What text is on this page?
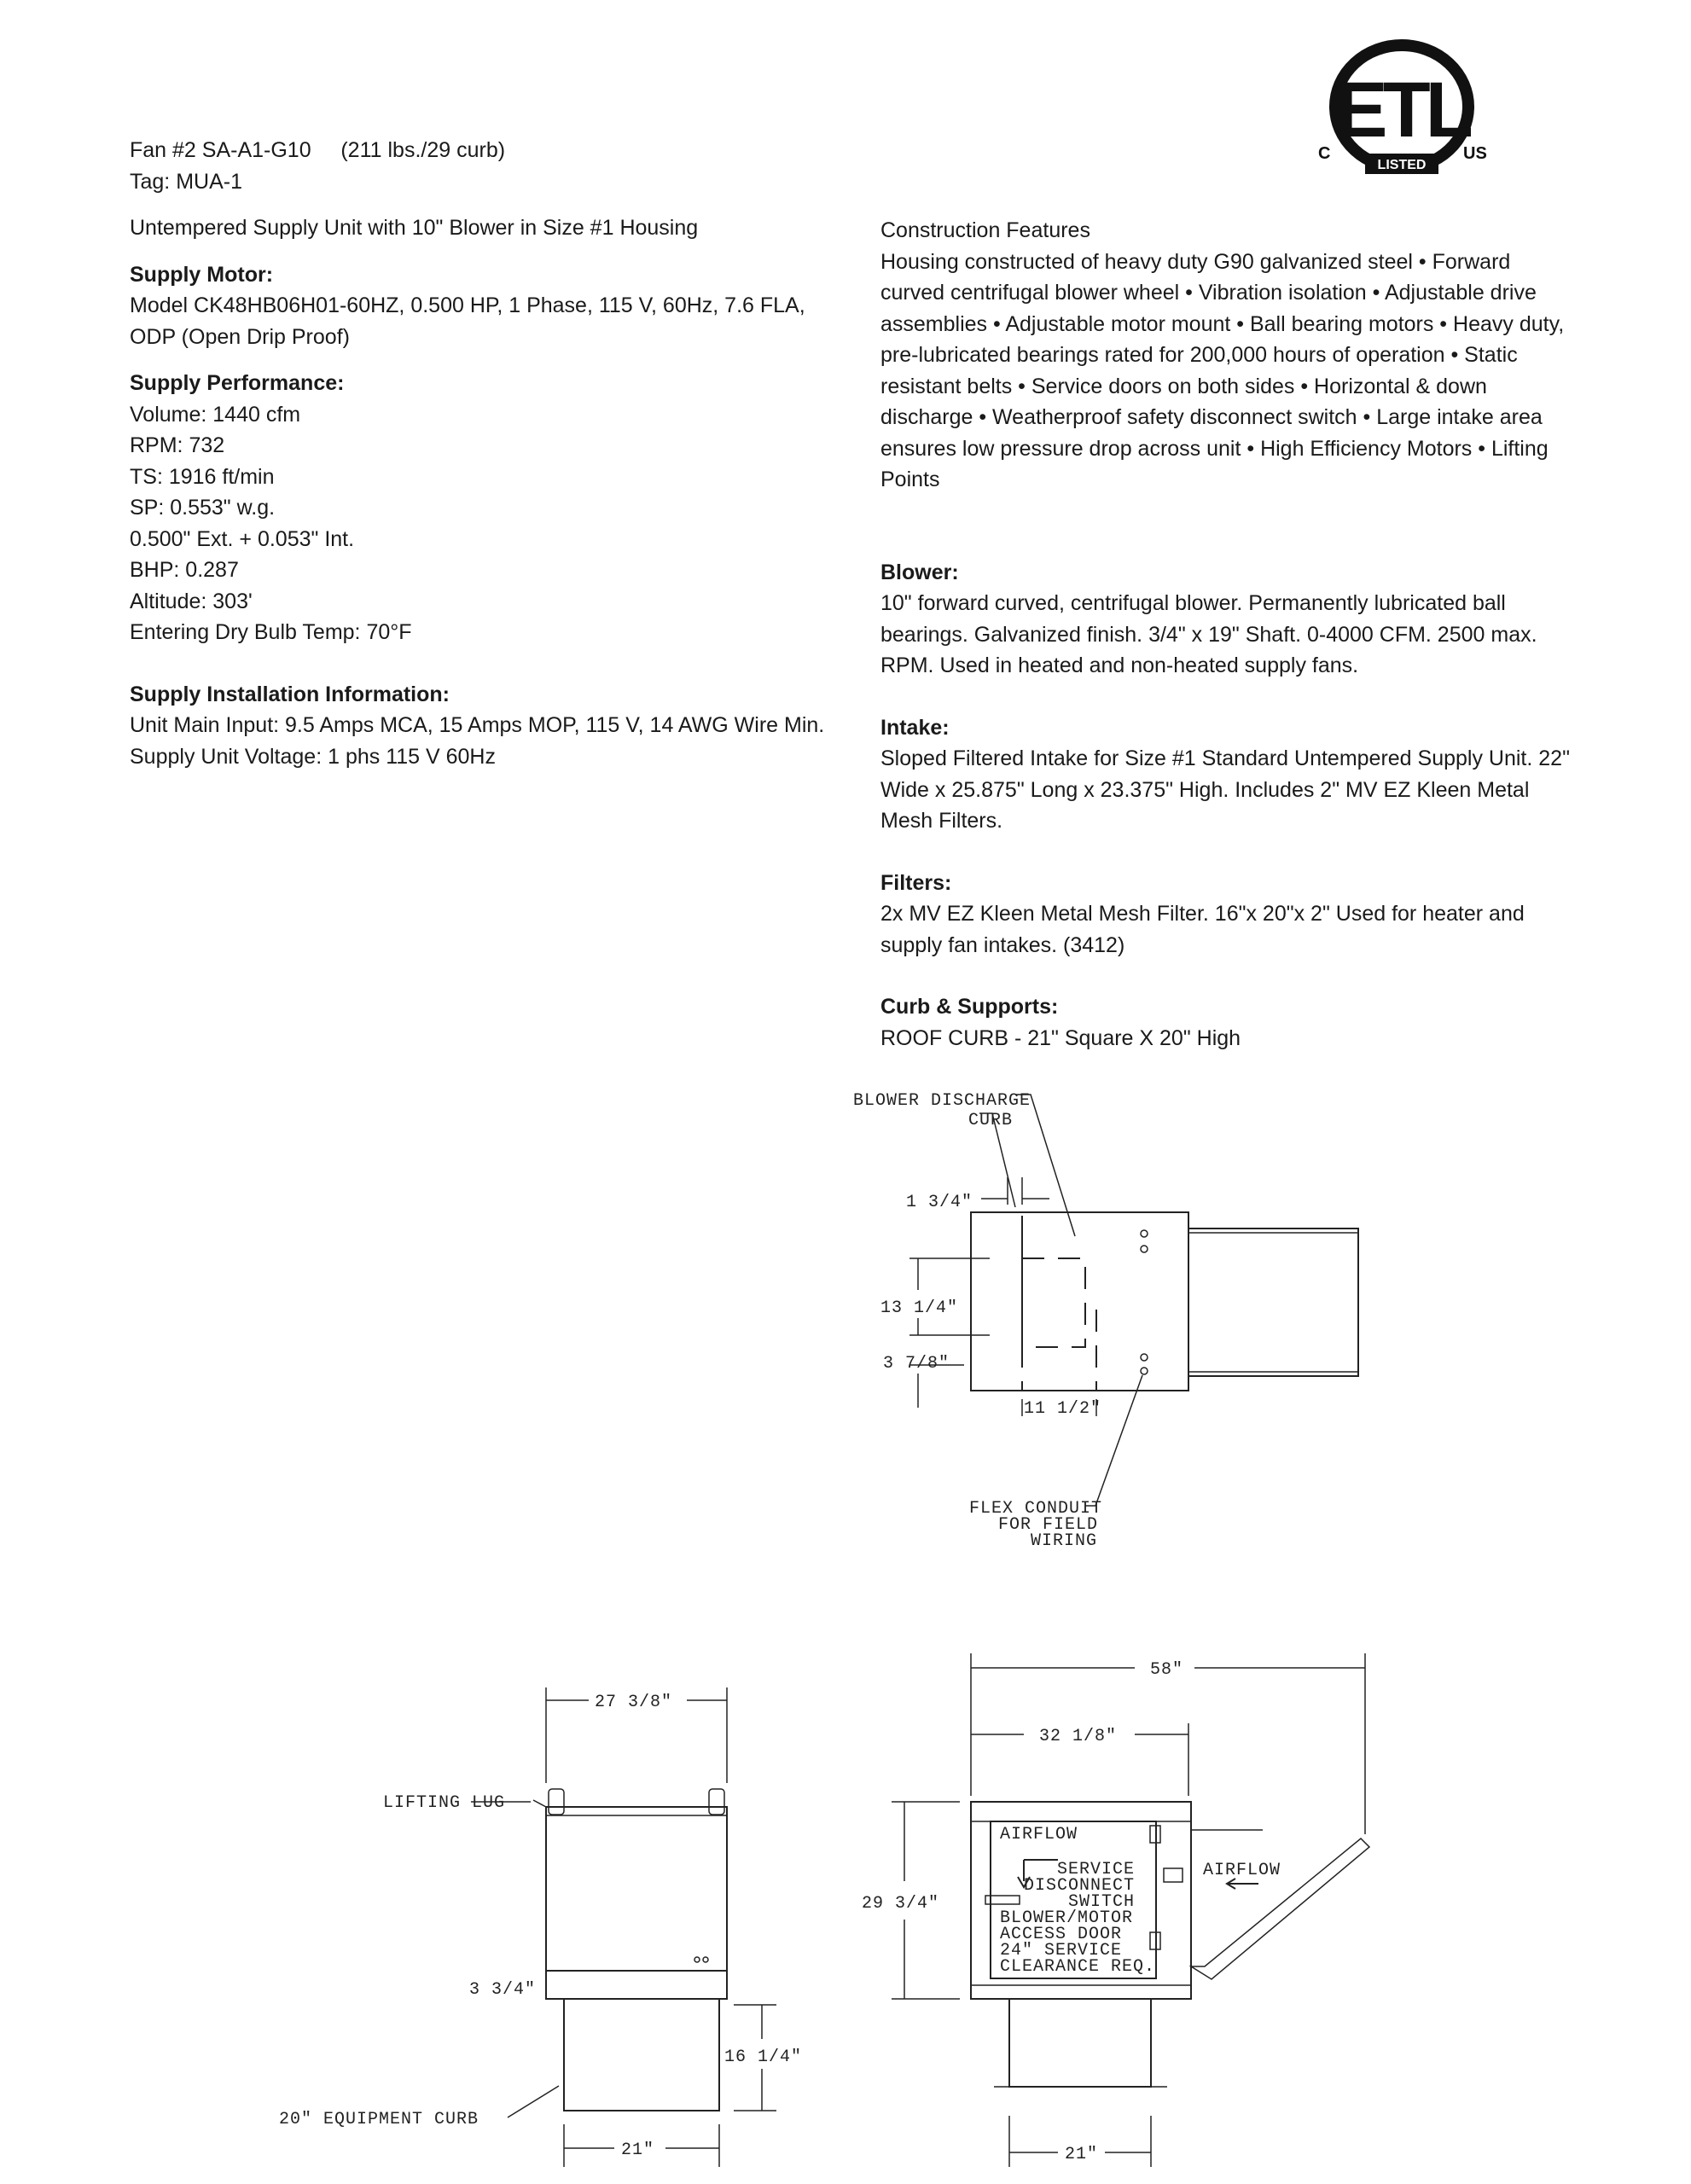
Fan #2 SA-A1-G10 (211 lbs./29 curb)

Tag: MUA-1

Untempered Supply Unit with 10" Blower in Size #1 Housing

Supply Motor:

Model CK48HB06H01-60HZ, 0.500 HP, 1 Phase, 115 V, 60Hz, 7.6 FLA, ODP (Open Drip Proof)

Supply Performance:

Volume: 1440 cfm

RPM: 732

TS: 1916 ft/min

SP: 0.553" w.g.

0.500" Ext. + 0.053" Int.

BHP: 0.287

Altitude: 303'

Entering Dry Bulb Temp: 70°F

Supply Installation Information:

Unit Main Input: 9.5 Amps MCA, 15 Amps MOP, 115 V, 14 AWG Wire Min.

Supply Unit Voltage: 1 phs 115 V 60Hz

Construction Features

Housing constructed of heavy duty G90 galvanized steel • Forward curved centrifugal blower wheel • Vibration isolation • Adjustable drive assemblies • Adjustable motor mount • Ball bearing motors • Heavy duty, pre-lubricated bearings rated for 200,000 hours of operation • Static resistant belts • Service doors on both sides • Horizontal & down discharge • Weatherproof safety disconnect switch • Large intake area ensures low pressure drop across unit • High Efficiency Motors • Lifting Points

Blower:

10" forward curved, centrifugal blower. Permanently lubricated ball bearings. Galvanized finish. 3/4" x 19" Shaft. 0-4000 CFM. 2500 max. RPM. Used in heated and non-heated supply fans.

Intake:

Sloped Filtered Intake for Size #1 Standard Untempered Supply Unit. 22" Wide x 25.875" Long x 23.375" High. Includes 2" MV EZ Kleen Metal Mesh Filters.

Filters:

2x MV EZ Kleen Metal Mesh Filter. 16"x 20"x 2" Used for heater and supply fan intakes. (3412)

Curb & Supports:

ROOF CURB - 21" Square X 20" High

ETL
C	US
LISTED
BLOWER DISCHARGE
CURB
1 3/4"
13 1/4"
3 7/8"
11 1/2"
FLEX CONDUIT
FOR FIELD
WIRING
27 3/8"
LIFTING LUG
3 3/4"
16 1/4"
20" EQUIPMENT CURB
21"
58"
32 1/8"
29 3/4"
AIRFLOW
AIRFLOW
SERVICE
DISCONNECT
SWITCH
BLOWER/MOTOR
ACCESS DOOR
24" SERVICE
CLEARANCE REQ.
21"
